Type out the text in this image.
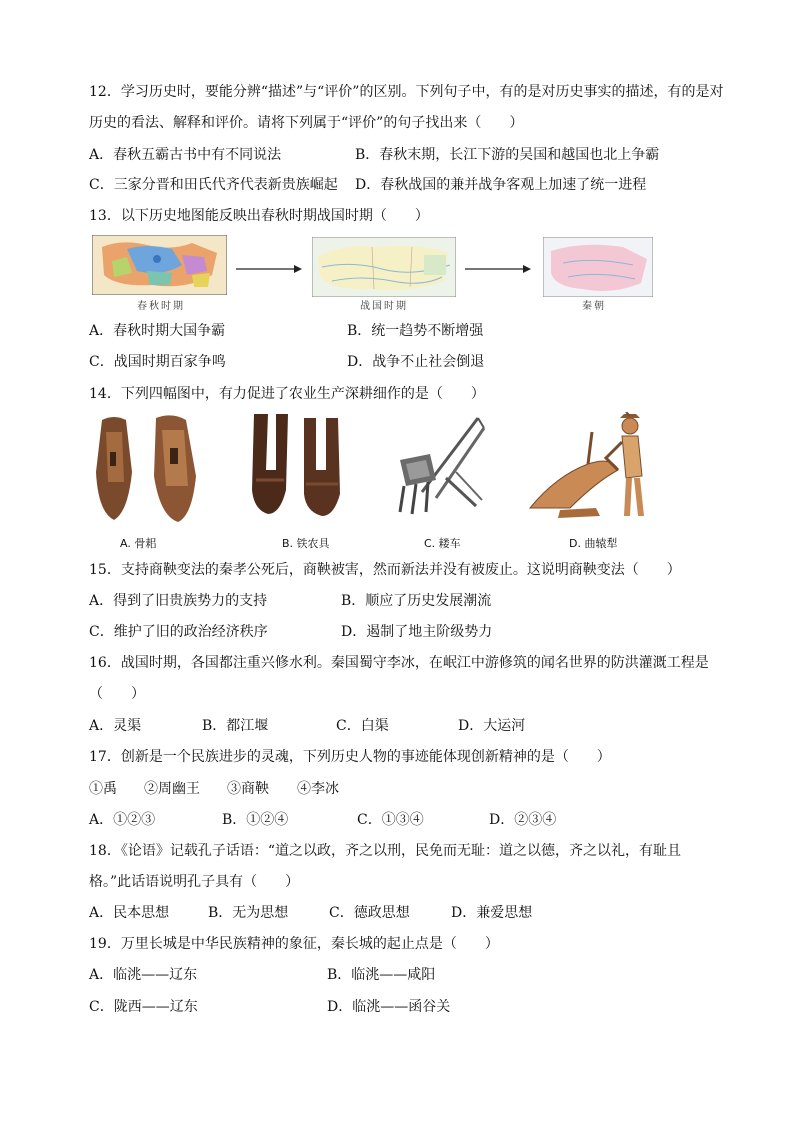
12．学习历史时，要能分辨“描述”与“评价”的区别。下列句子中，有的是对历史事实的描述，有的是对
历史的看法、解释和评价。请将下列属于“评价”的句子找出来（　　）
A．春秋五霸古书中有不同说法	B．春秋末期，长江下游的吴国和越国也北上争霸
C．三家分晋和田氏代齐代表新贵族崛起 D．春秋战国的兼并战争客观上加速了统一进程
13．以下历史地图能反映出春秋时期战国时期（　　）
春秋时期	战国时期	秦朝
A．春秋时期大国争霸	B．统一趋势不断增强
C．战国时期百家争鸣	D．战争不止社会倒退
14．下列四幅图中，有力促进了农业生产深耕细作的是（　　）
A. 骨耜	B. 铁农具	C. 耧车	D. 曲辕犁
15．支持商鞅变法的秦孝公死后，商鞅被害，然而新法并没有被废止。这说明商鞅变法（　　）
A．得到了旧贵族势力的支持	B．顺应了历史发展潮流
C．维护了旧的政治经济秩序	D．遏制了地主阶级势力
16．战国时期，各国都注重兴修水利。秦国蜀守李冰，在岷江中游修筑的闻名世界的防洪灌溉工程是
（　　）
A．灵渠	B．都江堰	C．白渠	D．大运河
17．创新是一个民族进步的灵魂，下列历史人物的事迹能体现创新精神的是（　　）
①禹 ②周幽王 ③商鞅 ④李冰
A．①②③	B．①②④	C．①③④	D．②③④
18．《论语》记载孔子话语：“道之以政，齐之以刑，民免而无耻：道之以德，齐之以礼，有耻且
格。”此话语说明孔子具有（　　）
A．民本思想	B．无为思想	C．德政思想	D．兼爱思想
19．万里长城是中华民族精神的象征，秦长城的起止点是（　　）
A．临洮——辽东	B．临洮——咸阳
C．陇西——辽东	D．临洮——函谷关
